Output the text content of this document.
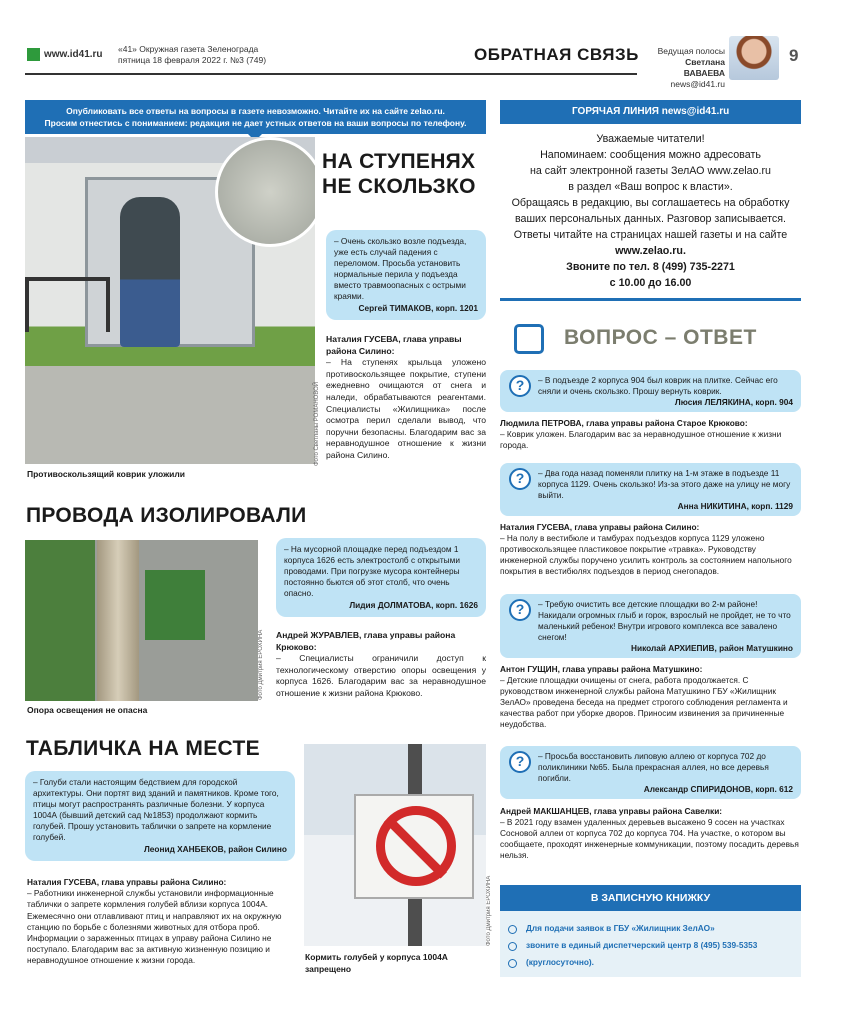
www.id41.ru «41» Окружная газета Зеленограда
пятница 18 февраля 2022 г. №3 (749)	ОБРАТНАЯ СВЯЗЬ	Ведущая полосы
Светлана ВАВАЕВА
news@id41.ru
9
Опубликовать все ответы на вопросы в газете невозможно. Читайте их на сайте zelao.ru.
Просим отнестись с пониманием: редакция не дает устных ответов на ваши вопросы по телефону.
Фото Светланы РОМАНОВОЙ
НА СТУПЕНЯХ
НЕ СКОЛЬЗКО
– Очень скользко возле подъезда, уже есть случай падения с переломом. Просьба установить нормальные перила у подъезда вместо травмоопасных с острыми краями.
Сергей ТИМАКОВ, корп. 1201
Наталия ГУСЕВА, глава управы района Силино:
– На ступенях крыльца уложено противоскользящее покрытие, ступени ежедневно очищаются от снега и наледи, обрабатываются реагентами. Специалисты «Жилищника» после осмотра перил сделали вывод, что поручни безопасны. Благодарим вас за неравнодушное отношение к жизни района Силино.
Противоскользящий коврик уложили
ПРОВОДА ИЗОЛИРОВАЛИ
Фото Дмитрия ЕРОХИНА
– На мусорной площадке перед подъездом 1 корпуса 1626 есть электростолб с открытыми проводами. При погрузке мусора контейнеры постоянно бьются об этот столб, что очень опасно.
Лидия ДОЛМАТОВА, корп. 1626
Андрей ЖУРАВЛЕВ, глава управы района Крюково:
– Специалисты ограничили доступ к технологическому отверстию опоры освещения у корпуса 1626. Благодарим вас за неравнодушное отношение к жизни района Крюково.
Опора освещения не опасна
ТАБЛИЧКА НА МЕСТЕ
– Голуби стали настоящим бедствием для городской архитектуры. Они портят вид зданий и памятников. Кроме того, птицы могут распространять различные болезни. У корпуса 1004А (бывший детский сад №1853) продолжают кормить голубей. Прошу установить таблички о запрете на кормление голубей.
Леонид ХАНБЕКОВ, район Силино
Наталия ГУСЕВА, глава управы района Силино:
– Работники инженерной службы установили информационные таблички о запрете кормления голубей вблизи корпуса 1004А. Ежемесячно они отлавливают птиц и направляют их на окружную станцию по борьбе с болезнями животных для отбора проб. Информации о зараженных птицах в управу района Силино не поступало. Благодарим вас за активную жизненную позицию и неравнодушное отношение к жизни города.
Фото Дмитрия ЕРОХИНА
Кормить голубей у корпуса 1004А запрещено
ГОРЯЧАЯ ЛИНИЯ news@id41.ru
Уважаемые читатели!
Напоминаем: сообщения можно адресовать
на сайт электронной газеты ЗелАО www.zelao.ru
в раздел «Ваш вопрос к власти».
Обращаясь в редакцию, вы соглашаетесь на обработку
ваших персональных данных. Разговор записывается.
Ответы читайте на страницах нашей газеты и на сайте
www.zelao.ru.
Звоните по тел. 8 (499) 735-2271
с 10.00 до 16.00
ВОПРОС – ОТВЕТ
?	– В подъезде 2 корпуса 904 был коврик на плитке. Сейчас его сняли и очень скользко. Прошу вернуть коврик.
Люсия ЛЕЛЯКИНА, корп. 904
Людмила ПЕТРОВА, глава управы района Старое Крюково:
– Коврик уложен. Благодарим вас за неравнодушное отношение к жизни города.
?	– Два года назад поменяли плитку на 1-м этаже в подъезде 11 корпуса 1129. Очень скользко! Из-за этого даже на улицу не могу выйти.
Анна НИКИТИНА, корп. 1129
Наталия ГУСЕВА, глава управы района Силино:
– На полу в вестибюле и тамбурах подъездов корпуса 1129 уложено противоскользящее пластиковое покрытие «травка». Руководству инженерной службы поручено усилить контроль за состоянием напольного покрытия в вестибюлях подъездов в период снегопадов.
?	– Требую очистить все детские площадки во 2-м районе! Накидали огромных глыб и горок, взрослый не пройдет, не то что маленький ребенок! Внутри игрового комплекса все завалено снегом!
Николай АРХИЕПИВ, район Матушкино
Антон ГУЩИН, глава управы района Матушкино:
– Детские площадки очищены от снега, работа продолжается. С руководством инженерной службы района Матушкино ГБУ «Жилищник ЗелАО» проведена беседа на предмет строгого соблюдения регламента и качества работ при уборке дворов. Приносим извинения за причиненные неудобства.
?	– Просьба восстановить липовую аллею от корпуса 702 до поликлиники №65. Была прекрасная аллея, но все деревья погибли.
Александр СПИРИДОНОВ, корп. 612
Андрей МАКШАНЦЕВ, глава управы района Савелки:
– В 2021 году взамен удаленных деревьев высажено 9 сосен на участках Сосновой аллеи от корпуса 702 до корпуса 704. На участке, о котором вы сообщаете, проходят инженерные коммуникации, поэтому посадить деревья нельзя.
В ЗАПИСНУЮ КНИЖКУ
Для подачи заявок в ГБУ «Жилищник ЗелАО»
звоните в единый диспетчерский центр 8 (495) 539-5353
(круглосуточно).
